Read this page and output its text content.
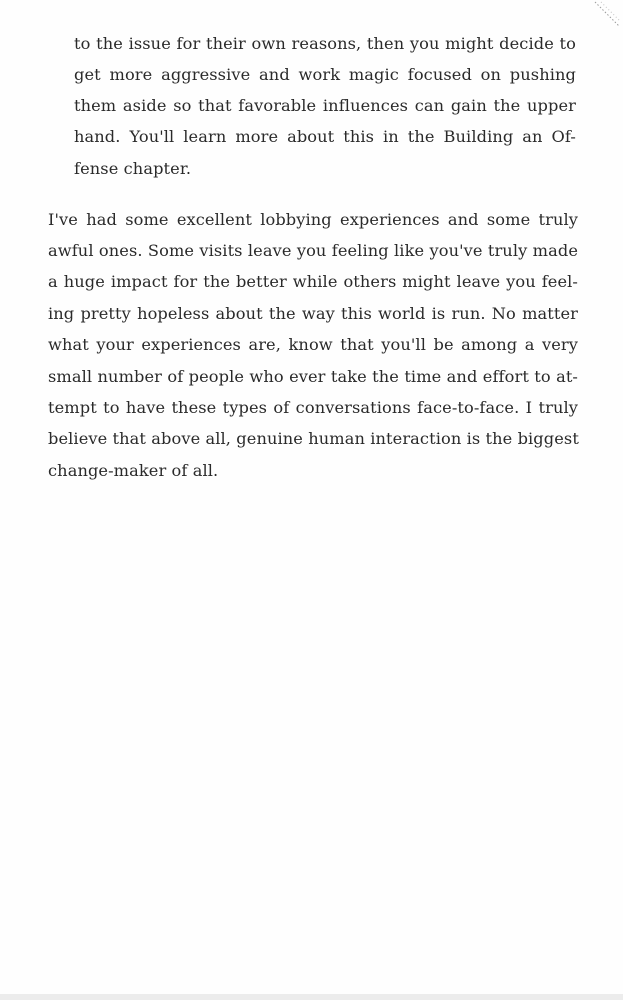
to the issue for their own reasons, then you might decide to
get more aggressive and work magic focused on pushing
them aside so that favorable influences can gain the upper
hand. You'll learn more about this in the Building an Of-
fense chapter.
I've had some excellent lobbying experiences and some truly
awful ones. Some visits leave you feeling like you've truly made
a huge impact for the better while others might leave you feel-
ing pretty hopeless about the way this world is run. No matter
what your experiences are, know that you'll be among a very
small number of people who ever take the time and effort to at-
tempt to have these types of conversations face-to-face. I truly
believe that above all, genuine human interaction is the biggest
change-maker of all.
